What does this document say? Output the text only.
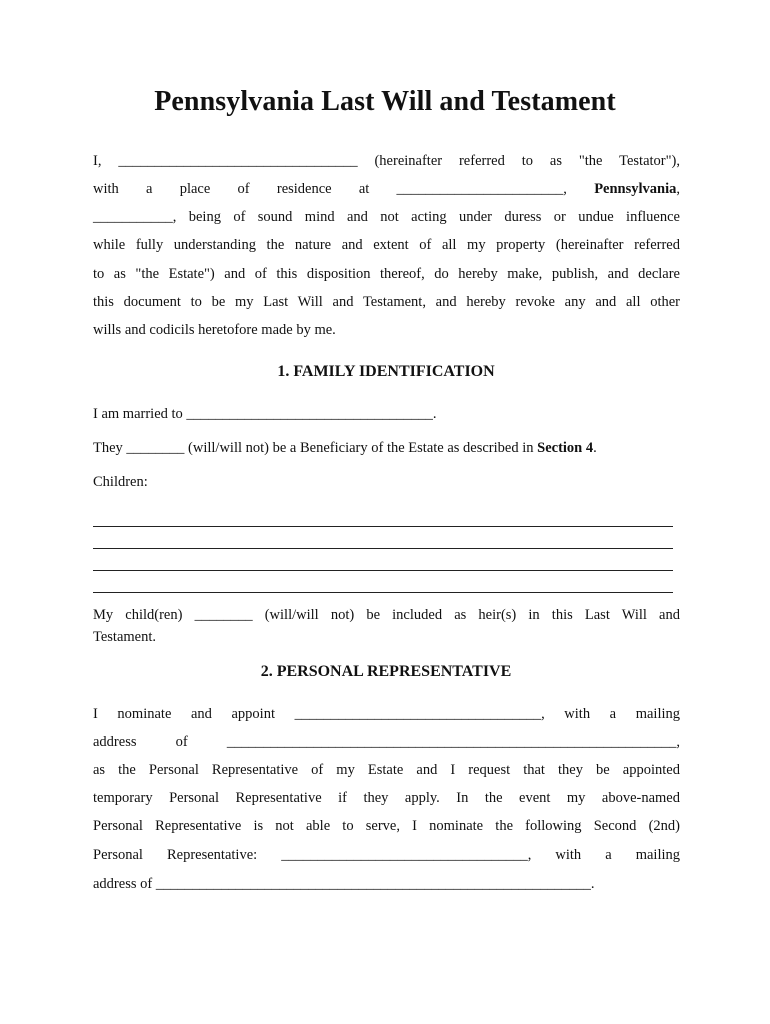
Pennsylvania Last Will and Testament
I, _________________________________ (hereinafter referred to as "the Testator"),
with a place of residence at _______________________, Pennsylvania,
___________, being of sound mind and not acting under duress or undue influence
while fully understanding the nature and extent of all my property (hereinafter referred
to as "the Estate") and of this disposition thereof, do hereby make, publish, and declare
this document to be my Last Will and Testament, and hereby revoke any and all other
wills and codicils heretofore made by me.
1. FAMILY IDENTIFICATION
I am married to __________________________________.
They ________ (will/will not) be a Beneficiary of the Estate as described in Section 4.
Children:
My child(ren) ________ (will/will not) be included as heir(s) in this Last Will and
Testament.
2. PERSONAL REPRESENTATIVE
I nominate and appoint __________________________________, with a mailing
address of ______________________________________________________________,
as the Personal Representative of my Estate and I request that they be appointed
temporary Personal Representative if they apply. In the event my above-named
Personal Representative is not able to serve, I nominate the following Second (2nd)
Personal Representative: __________________________________, with a mailing
address of ____________________________________________________________.
